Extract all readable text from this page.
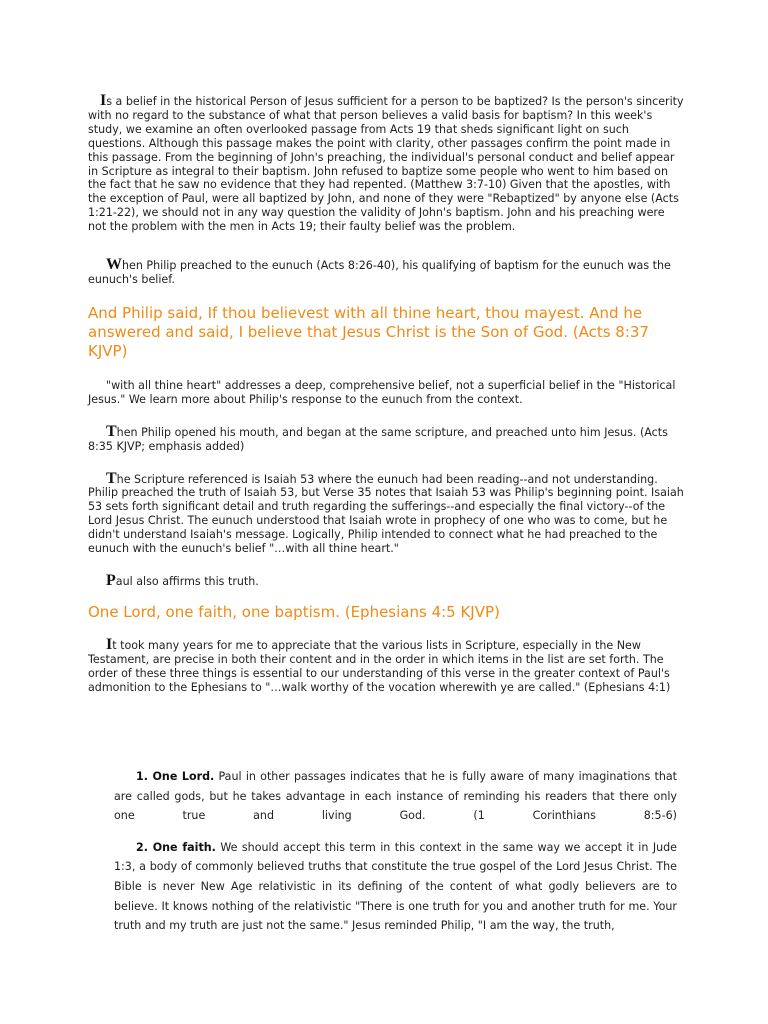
Is a belief in the historical Person of Jesus sufficient for a person to be baptized? Is the person's sincerity with no regard to the substance of what that person believes a valid basis for baptism? In this week's study, we examine an often overlooked passage from Acts 19 that sheds significant light on such questions. Although this passage makes the point with clarity, other passages confirm the point made in this passage. From the beginning of John's preaching, the individual's personal conduct and belief appear in Scripture as integral to their baptism. John refused to baptize some people who went to him based on the fact that he saw no evidence that they had repented. (Matthew 3:7-10) Given that the apostles, with the exception of Paul, were all baptized by John, and none of they were "Rebaptized" by anyone else (Acts 1:21-22), we should not in any way question the validity of John's baptism. John and his preaching were not the problem with the men in Acts 19; their faulty belief was the problem.

When Philip preached to the eunuch (Acts 8:26-40), his qualifying of baptism for the eunuch was the eunuch's belief.

And Philip said, If thou believest with all thine heart, thou mayest. And he answered and said, I believe that Jesus Christ is the Son of God. (Acts 8:37 KJVP)

"with all thine heart" addresses a deep, comprehensive belief, not a superficial belief in the "Historical Jesus." We learn more about Philip's response to the eunuch from the context.

Then Philip opened his mouth, and began at the same scripture, and preached unto him Jesus. (Acts 8:35 KJVP; emphasis added)

The Scripture referenced is Isaiah 53 where the eunuch had been reading--and not understanding. Philip preached the truth of Isaiah 53, but Verse 35 notes that Isaiah 53 was Philip's beginning point. Isaiah 53 sets forth significant detail and truth regarding the sufferings--and especially the final victory--of the Lord Jesus Christ. The eunuch understood that Isaiah wrote in prophecy of one who was to come, but he didn't understand Isaiah's message. Logically, Philip intended to connect what he had preached to the eunuch with the eunuch's belief "…with all thine heart."

Paul also affirms this truth.

One Lord, one faith, one baptism. (Ephesians 4:5 KJVP)

It took many years for me to appreciate that the various lists in Scripture, especially in the New Testament, are precise in both their content and in the order in which items in the list are set forth. The order of these three things is essential to our understanding of this verse in the greater context of Paul's admonition to the Ephesians to "…walk worthy of the vocation wherewith ye are called." (Ephesians 4:1)

1. One Lord. Paul in other passages indicates that he is fully aware of many imaginations that are called gods, but he takes advantage in each instance of reminding his readers that there only one true and living God. (1 Corinthians 8:5-6)

2. One faith. We should accept this term in this context in the same way we accept it in Jude 1:3, a body of commonly believed truths that constitute the true gospel of the Lord Jesus Christ. The Bible is never New Age relativistic in its defining of the content of what godly believers are to believe. It knows nothing of the relativistic "There is one truth for you and another truth for me. Your truth and my truth are just not the same." Jesus reminded Philip, "I am the way, the truth,
